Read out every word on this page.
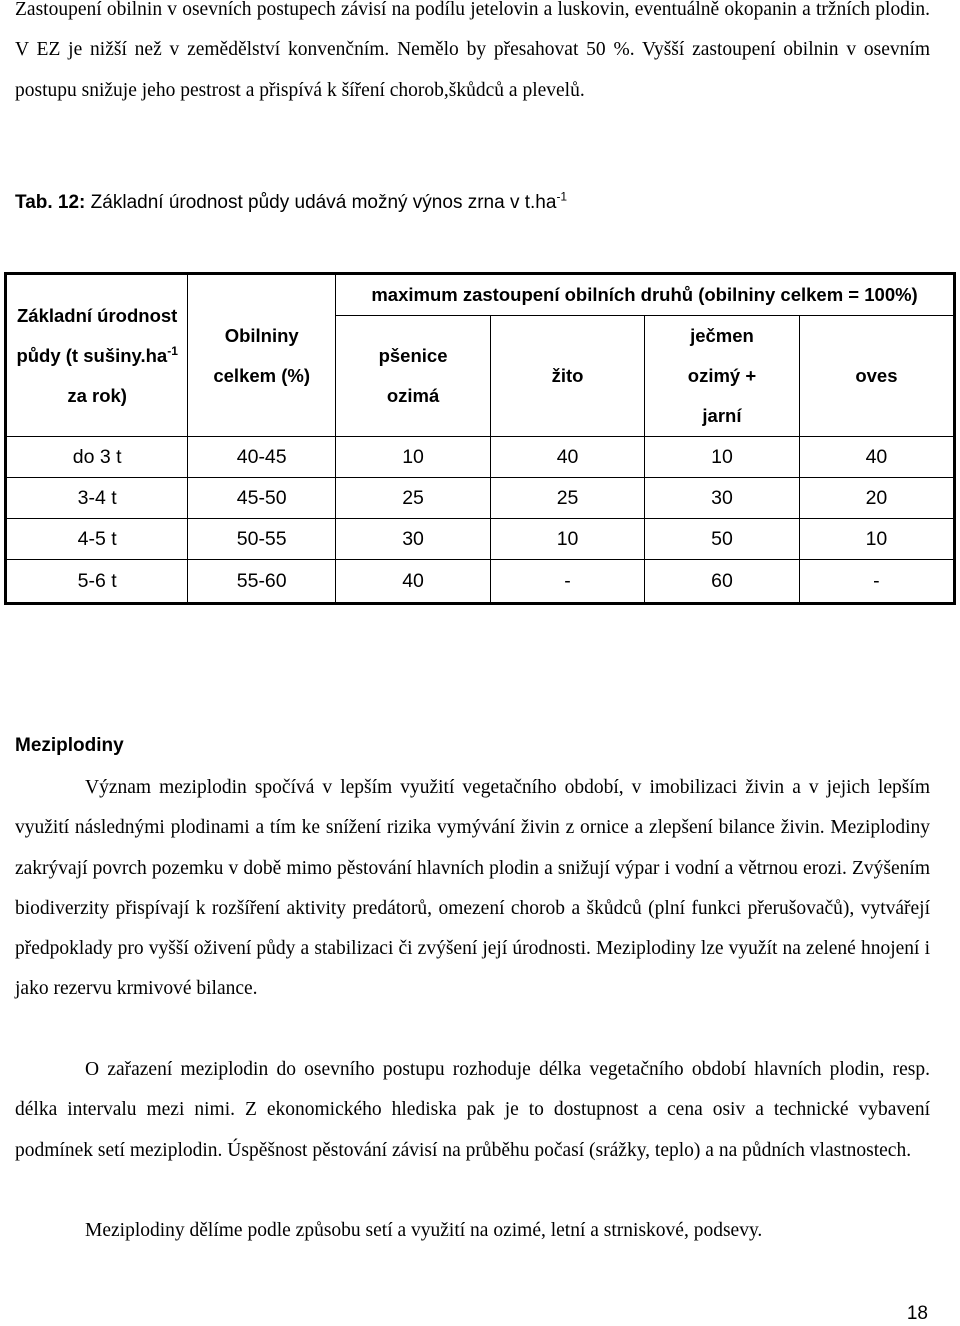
Zastoupení obilnin v osevních postupech závisí na podílu jetelovin a luskovin, eventuálně okopanin a tržních plodin. V EZ je nižší než v zemědělství konvenčním. Nemělo by přesahovat 50 %. Vyšší zastoupení obilnin v osevním postupu snižuje jeho pestrost a přispívá k šíření chorob,škůdců a plevelů.

Tab. 12: Základní úrodnost půdy udává možný výnos zrna v $t.ha^{-1}$

Základní úrodnost půdy (t $sušiny.ha^{-1}$ za rok)	Obilniny celkem (%)	maximum zastoupení obilních druhů (obilniny celkem = 100%)			
		pšenice ozimá	žito	ječmen ozimý + jarní	oves
do 3 t	40-45	10	40	10	40
3-4 t	45-50	25	25	30	20
4-5 t	50-55	30	10	50	10
5-6 t	55-60	40	-	60	-

Meziplodiny

Význam meziplodin spočívá v lepším využití vegetačního období, v imobilizaci živin a v jejich lepším využití následnými plodinami a tím ke snížení rizika vymývání živin z ornice a zlepšení bilance živin. Meziplodiny zakrývají povrch pozemku v době mimo pěstování hlavních plodin a snižují výpar i vodní a větrnou erozi. Zvýšením biodiverzity přispívají k rozšíření aktivity predátorů, omezení chorob a škůdců (plní funkci přerušovačů), vytvářejí předpoklady pro vyšší oživení půdy a stabilizaci či zvýšení její úrodnosti. Meziplodiny lze využít na zelené hnojení i jako rezervu krmivové bilance.

O zařazení meziplodin do osevního postupu rozhoduje délka vegetačního období hlavních plodin, resp. délka intervalu mezi nimi. Z ekonomického hlediska pak je to dostupnost a cena osiv a technické vybavení podmínek setí meziplodin. Úspěšnost pěstování závisí na průběhu počasí (srážky, teplo) a na půdních vlastnostech.

Meziplodiny dělíme podle způsobu setí a využití na ozimé, letní a strniskové, podsevy.

18
